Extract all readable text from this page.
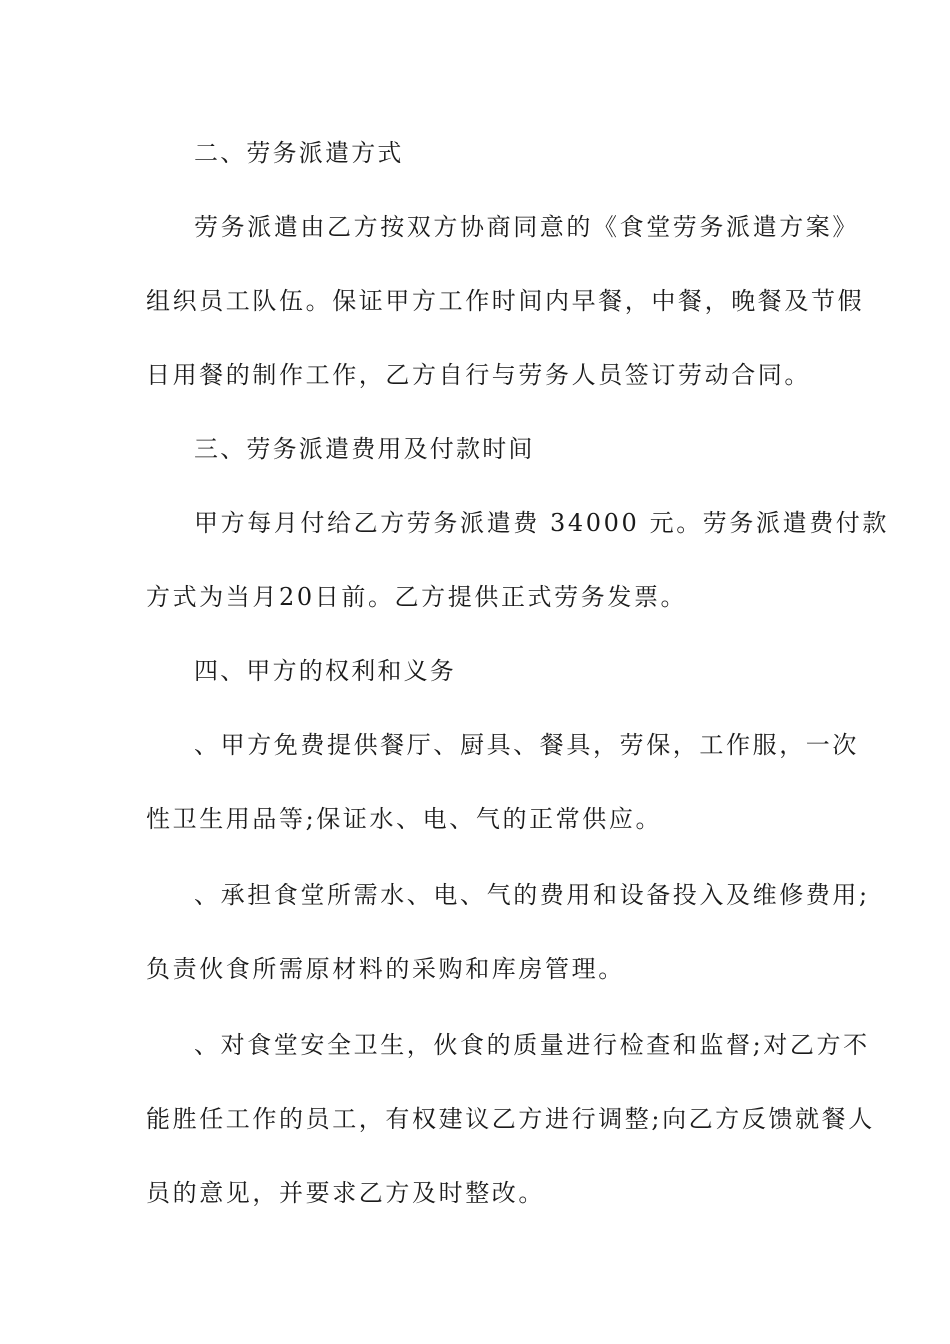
二、劳务派遣方式
劳务派遣由乙方按双方协商同意的《食堂劳务派遣方案》
组织员工队伍。保证甲方工作时间内早餐，中餐，晚餐及节假
日用餐的制作工作，乙方自行与劳务人员签订劳动合同。
三、劳务派遣费用及付款时间
甲方每月付给乙方劳务派遣费 34000 元。劳务派遣费付款
方式为当月20日前。乙方提供正式劳务发票。
四、甲方的权利和义务
、甲方免费提供餐厅、厨具、餐具，劳保，工作服，一次
性卫生用品等;保证水、电、气的正常供应。
、承担食堂所需水、电、气的费用和设备投入及维修费用;
负责伙食所需原材料的采购和库房管理。
、对食堂安全卫生，伙食的质量进行检查和监督;对乙方不
能胜任工作的员工，有权建议乙方进行调整;向乙方反馈就餐人
员的意见，并要求乙方及时整改。
